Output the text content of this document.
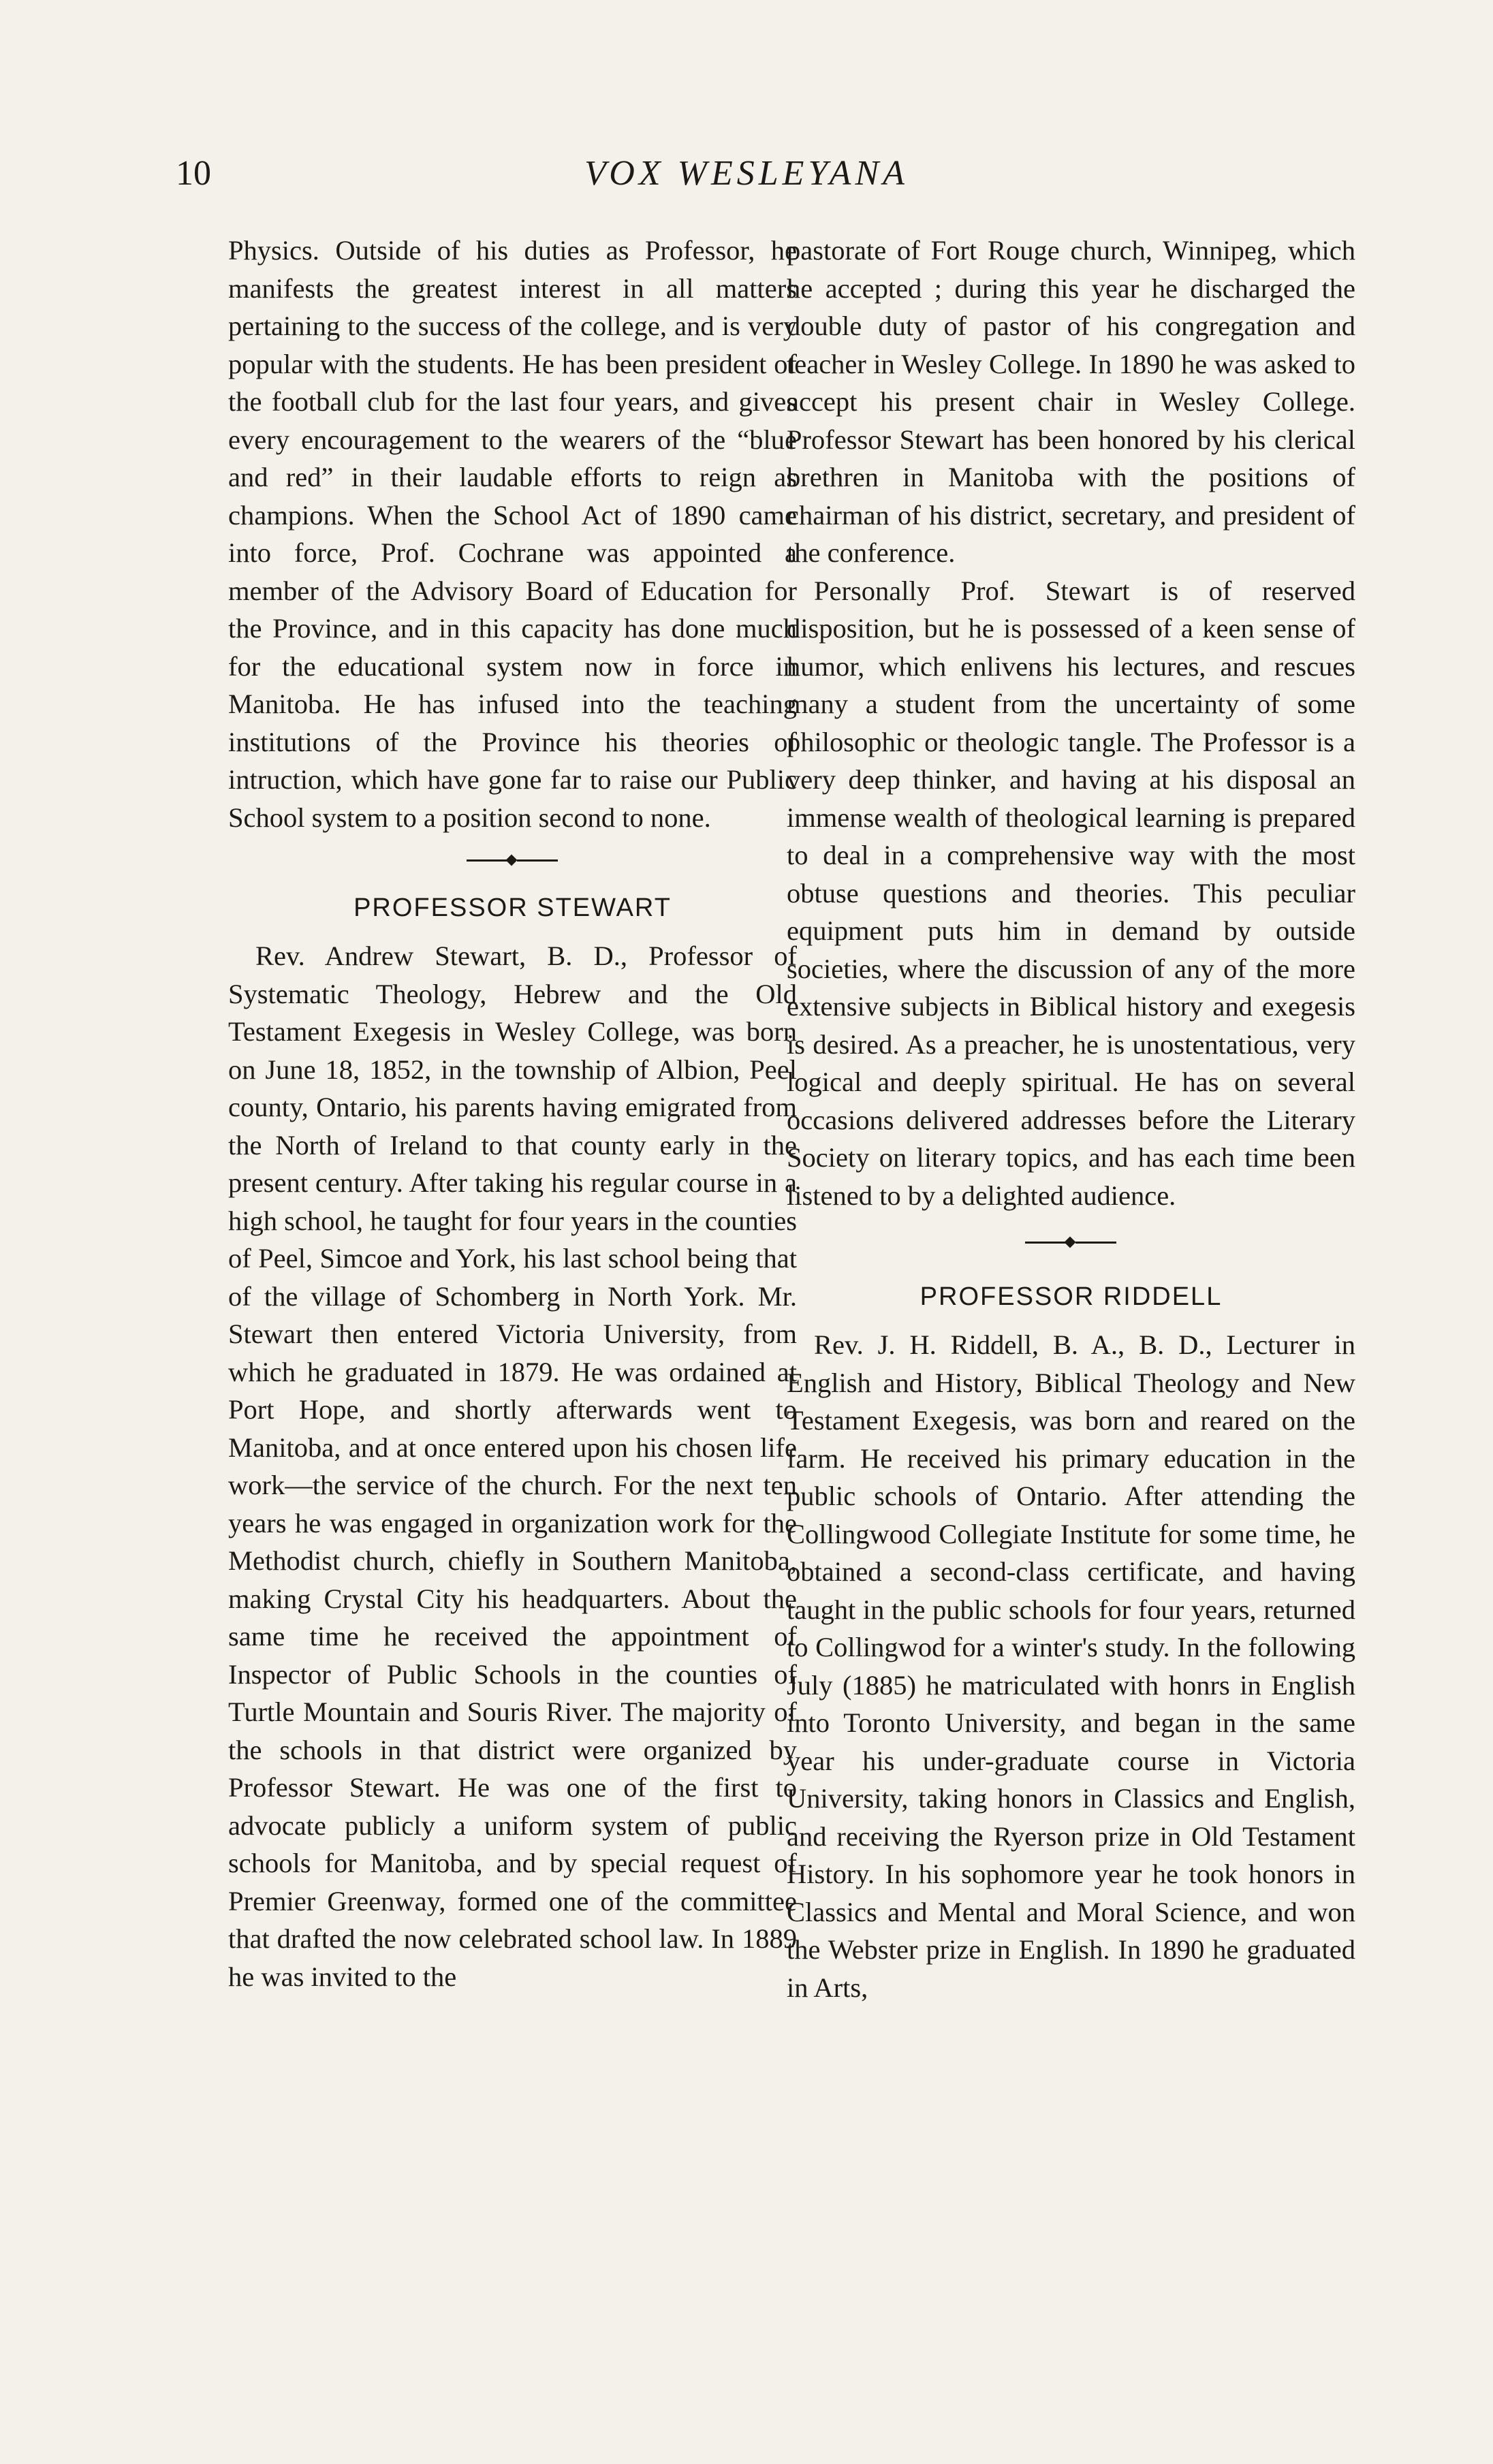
10	VOX WESLEYANA

Physics. Outside of his duties as Professor, he manifests the greatest interest in all matters pertaining to the success of the college, and is very popular with the students. He has been president of the football club for the last four years, and gives every encouragement to the wearers of the “blue and red” in their laudable efforts to reign as champions. When the School Act of 1890 came into force, Prof. Cochrane was appointed a member of the Advisory Board of Education for the Province, and in this capacity has done much for the educational system now in force in Manitoba. He has infused into the teaching institutions of the Province his theories of intruction, which have gone far to raise our Public School system to a position second to none.

PROFESSOR STEWART

Rev. Andrew Stewart, B. D., Professor of Systematic Theology, Hebrew and the Old Testament Exegesis in Wesley College, was born on June 18, 1852, in the township of Albion, Peel county, Ontario, his parents having emigrated from the North of Ireland to that county early in the present century. After taking his regular course in a high school, he taught for four years in the counties of Peel, Simcoe and York, his last school being that of the village of Schomberg in North York. Mr. Stewart then entered Victoria University, from which he graduated in 1879. He was ordained at Port Hope, and shortly afterwards went to Manitoba, and at once entered upon his chosen life work—the service of the church. For the next ten years he was engaged in organization work for the Methodist church, chiefly in Southern Manitoba, making Crystal City his headquarters. About the same time he received the appointment of Inspector of Public Schools in the counties of Turtle Mountain and Souris River. The majority of the schools in that district were organized by Professor Stewart. He was one of the first to advocate publicly a uniform system of public schools for Manitoba, and by special request of Premier Greenway, formed one of the committee that drafted the now celebrated school law. In 1889 he was invited to the

pastorate of Fort Rouge church, Winnipeg, which he accepted ; during this year he discharged the double duty of pastor of his congregation and teacher in Wesley College. In 1890 he was asked to accept his present chair in Wesley College. Professor Stewart has been honored by his clerical brethren in Manitoba with the positions of chairman of his district, secretary, and president of the conference.

Personally Prof. Stewart is of reserved disposition, but he is possessed of a keen sense of humor, which enlivens his lectures, and rescues many a student from the uncertainty of some philosophic or theologic tangle. The Professor is a very deep thinker, and having at his disposal an immense wealth of theological learning is prepared to deal in a comprehensive way with the most obtuse questions and theories. This peculiar equipment puts him in demand by outside societies, where the discussion of any of the more extensive subjects in Biblical history and exegesis is desired. As a preacher, he is unostentatious, very logical and deeply spiritual. He has on several occasions delivered addresses before the Literary Society on literary topics, and has each time been listened to by a delighted audience.

PROFESSOR RIDDELL

Rev. J. H. Riddell, B. A., B. D., Lecturer in English and History, Biblical Theology and New Testament Exegesis, was born and reared on the farm. He received his primary education in the public schools of Ontario. After attending the Collingwood Collegiate Institute for some time, he obtained a second-class certificate, and having taught in the public schools for four years, returned to Collingwod for a winter's study. In the following July (1885) he matriculated with honrs in English into Toronto University, and began in the same year his under-graduate course in Victoria University, taking honors in Classics and English, and receiving the Ryerson prize in Old Testament History. In his sophomore year he took honors in Classics and Mental and Moral Science, and won the Webster prize in English. In 1890 he graduated in Arts,
